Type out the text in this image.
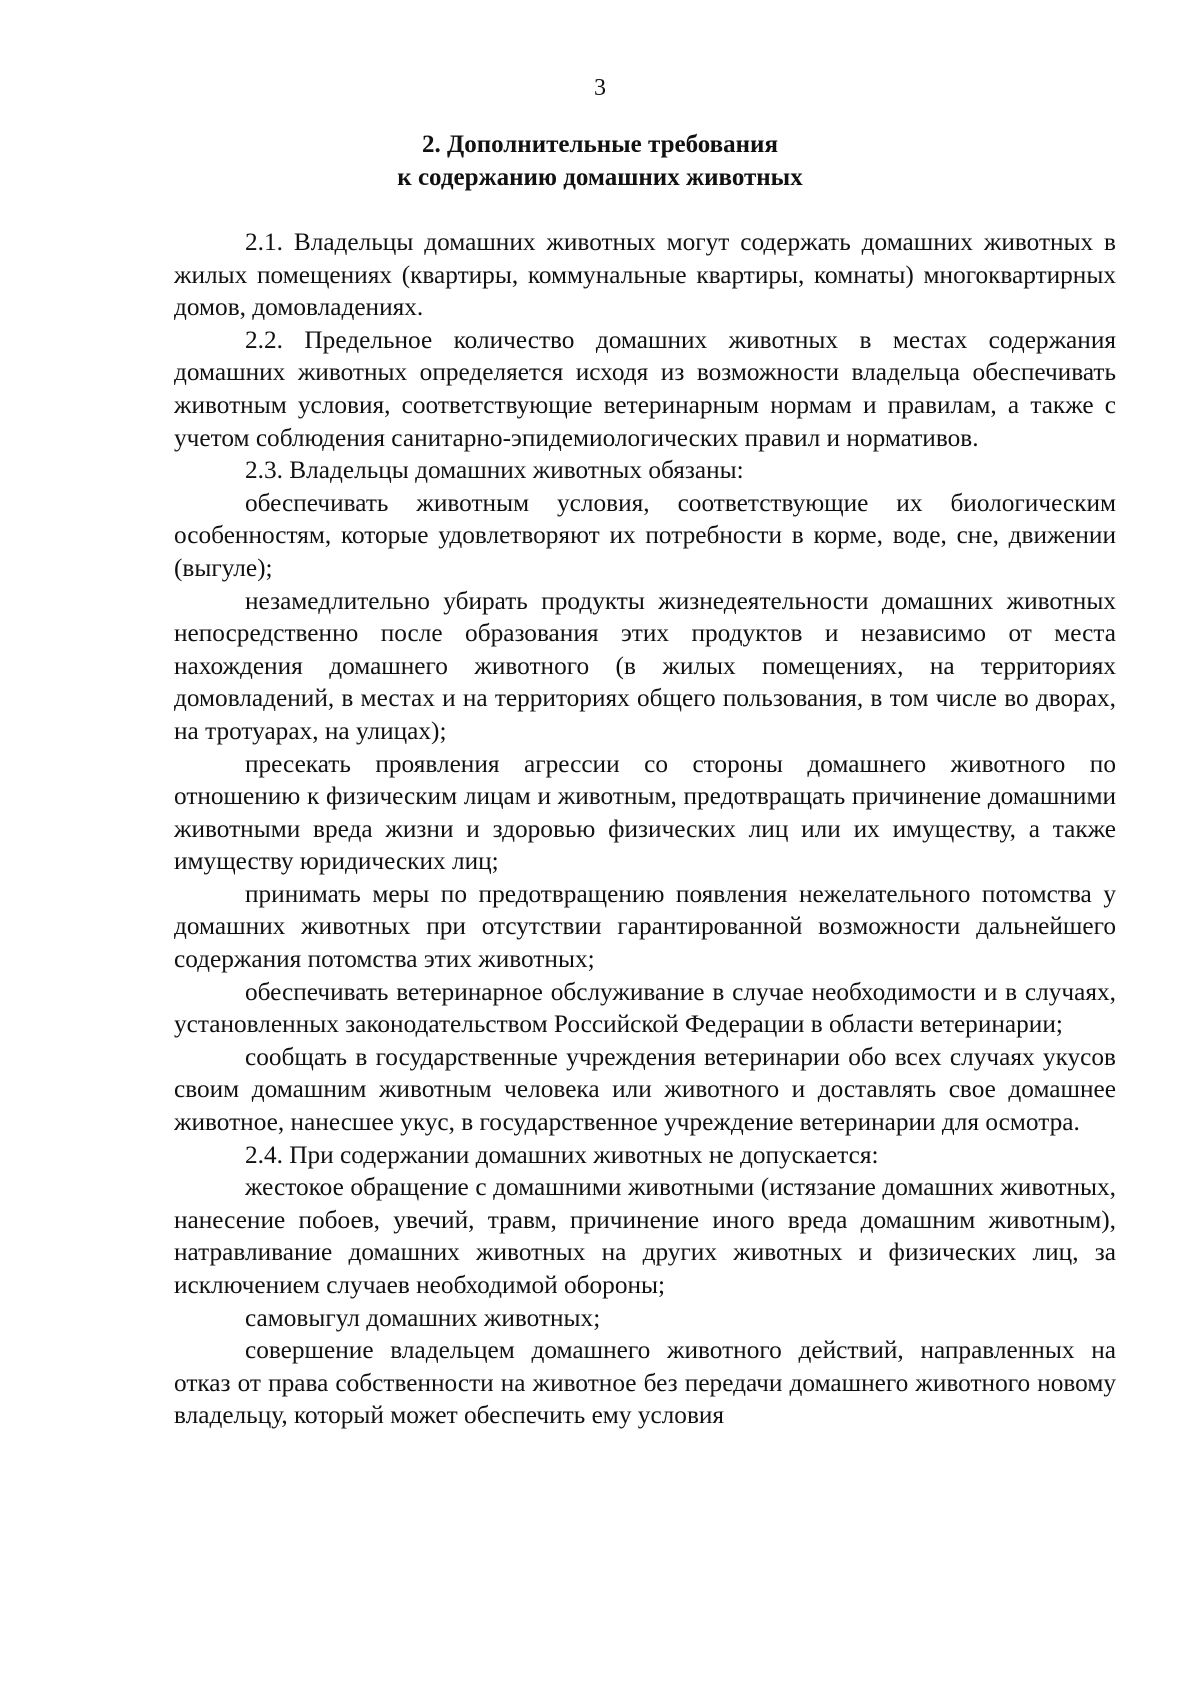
3
2. Дополнительные требования
к содержанию домашних животных

2.1. Владельцы домашних животных могут содержать домашних животных в жилых помещениях (квартиры, коммунальные квартиры, комнаты) многоквартирных домов, домовладениях.

2.2. Предельное количество домашних животных в местах содержания домашних животных определяется исходя из возможности владельца обеспечивать животным условия, соответствующие ветеринарным нормам и правилам, а также с учетом соблюдения санитарно-эпидемиологических правил и нормативов.

2.3. Владельцы домашних животных обязаны:

обеспечивать животным условия, соответствующие их биологическим особенностям, которые удовлетворяют их потребности в корме, воде, сне, движении (выгуле);

незамедлительно убирать продукты жизнедеятельности домашних животных непосредственно после образования этих продуктов и независимо от места нахождения домашнего животного (в жилых помещениях, на территориях домовладений, в местах и на территориях общего пользования, в том числе во дворах, на тротуарах, на улицах);

пресекать проявления агрессии со стороны домашнего животного по отношению к физическим лицам и животным, предотвращать причинение домашними животными вреда жизни и здоровью физических лиц или их имуществу, а также имуществу юридических лиц;

принимать меры по предотвращению появления нежелательного потомства у домашних животных при отсутствии гарантированной возможности дальнейшего содержания потомства этих животных;

обеспечивать ветеринарное обслуживание в случае необходимости и в случаях, установленных законодательством Российской Федерации в области ветеринарии;

сообщать в государственные учреждения ветеринарии обо всех случаях укусов своим домашним животным человека или животного и доставлять свое домашнее животное, нанесшее укус, в государственное учреждение ветеринарии для осмотра.

2.4. При содержании домашних животных не допускается:

жестокое обращение с домашними животными (истязание домашних животных, нанесение побоев, увечий, травм, причинение иного вреда домашним животным), натравливание домашних животных на других животных и физических лиц, за исключением случаев необходимой обороны;

самовыгул домашних животных;

совершение владельцем домашнего животного действий, направленных на отказ от права собственности на животное без передачи домашнего животного новому владельцу, который может обеспечить ему условия
